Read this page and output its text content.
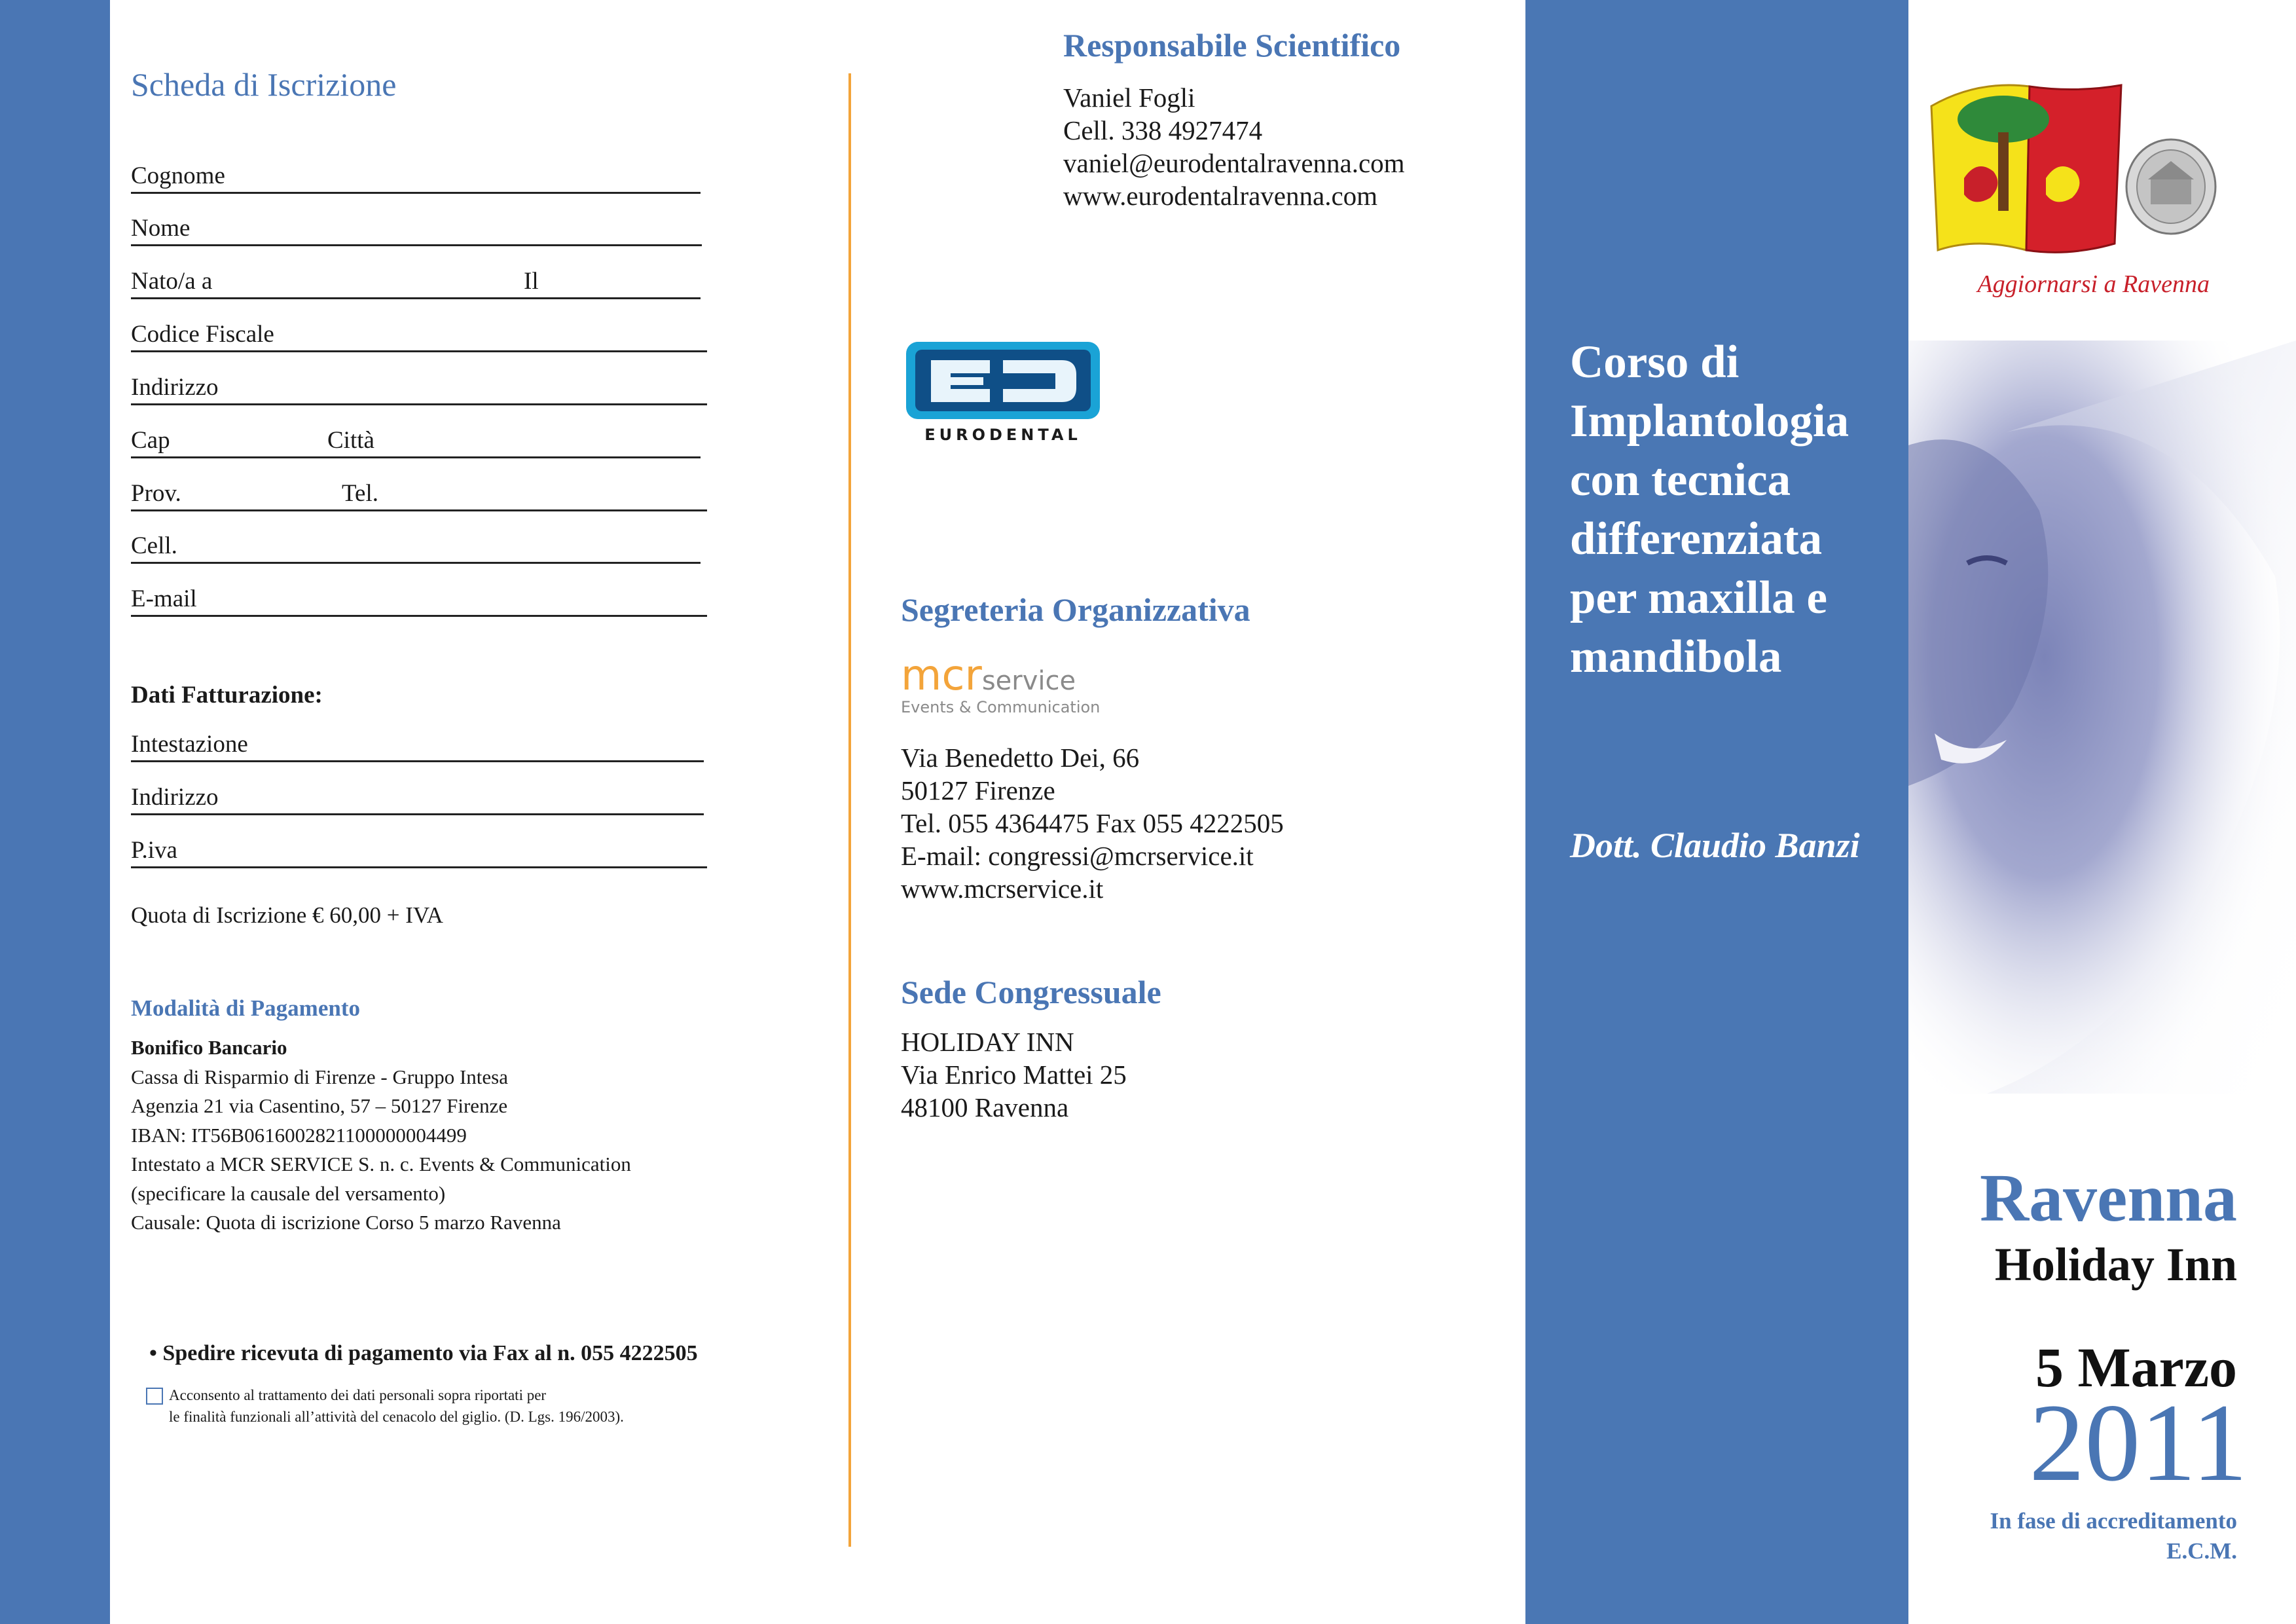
Scheda di Iscrizione
Cognome
Nome
Nato/a a	Il
Codice Fiscale
Indirizzo
Cap	Città
Prov.	Tel.
Cell.
E-mail
Dati Fatturazione:
Intestazione
Indirizzo
P.iva
Quota di Iscrizione € 60,00 + IVA
Modalità di Pagamento
Bonifico Bancario
Cassa di Risparmio di Firenze - Gruppo Intesa
Agenzia 21 via Casentino, 57 – 50127 Firenze
IBAN: IT56B0616002821100000004499
Intestato a MCR SERVICE S. n. c. Events & Communication
(specificare la causale del versamento)
Causale: Quota di iscrizione Corso 5 marzo Ravenna
• Spedire ricevuta di pagamento via Fax al n. 055 4222505
Acconsento al trattamento dei dati personali sopra riportati per
le finalità funzionali all’attività del cenacolo del giglio. (D. Lgs. 196/2003).
Responsabile Scientifico
Vaniel Fogli
Cell. 338 4927474
vaniel@eurodentalravenna.com
www.eurodentalravenna.com
EURODENTAL
Segreteria Organizzativa
mcrservice
Events & Communication
Via Benedetto Dei, 66
50127 Firenze
Tel. 055 4364475 Fax 055 4222505
E-mail: congressi@mcrservice.it
www.mcrservice.it
Sede Congressuale
HOLIDAY INN
Via Enrico Mattei 25
48100 Ravenna
Corso di
Implantologia
con tecnica
differenziata
per maxilla e
mandibola
Dott. Claudio Banzi
Aggiornarsi a Ravenna
Ravenna
Holiday Inn
5 Marzo
2011
In fase di accreditamento
E.C.M.
